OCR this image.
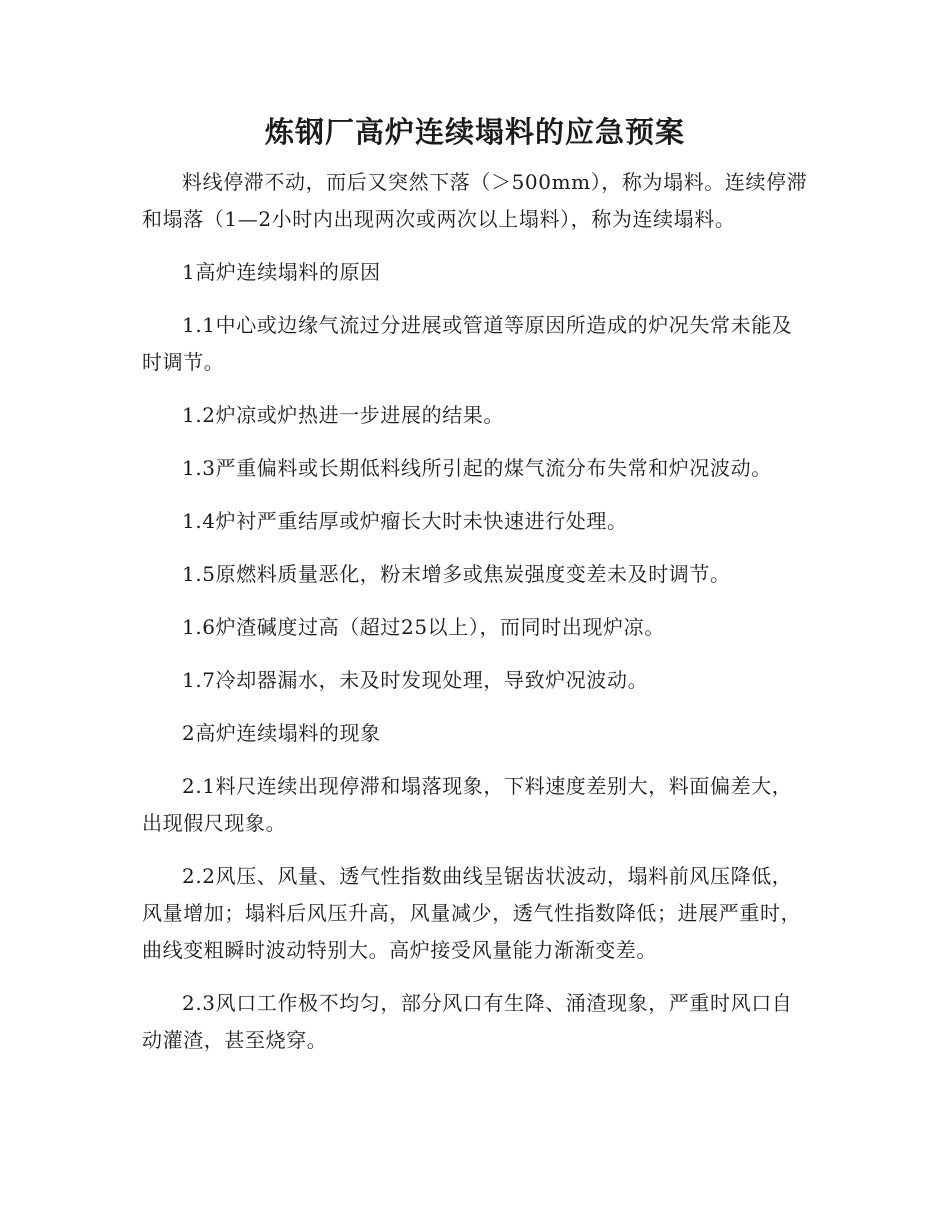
炼钢厂高炉连续塌料的应急预案

料线停滞不动，而后又突然下落（＞500mm），称为塌料。连续停滞和塌落（1—2小时内出现两次或两次以上塌料），称为连续塌料。

1高炉连续塌料的原因

1.1中心或边缘气流过分进展或管道等原因所造成的炉况失常未能及时调节。

1.2炉凉或炉热进一步进展的结果。

1.3严重偏料或长期低料线所引起的煤气流分布失常和炉况波动。

1.4炉衬严重结厚或炉瘤长大时未快速进行处理。

1.5原燃料质量恶化，粉末增多或焦炭强度变差未及时调节。

1.6炉渣碱度过高（超过25以上），而同时出现炉凉。

1.7冷却器漏水，未及时发现处理，导致炉况波动。

2高炉连续塌料的现象

2.1料尺连续出现停滞和塌落现象，下料速度差别大，料面偏差大，出现假尺现象。

2.2风压、风量、透气性指数曲线呈锯齿状波动，塌料前风压降低，风量增加；塌料后风压升高，风量减少，透气性指数降低；进展严重时，曲线变粗瞬时波动特别大。高炉接受风量能力渐渐变差。

2.3风口工作极不均匀，部分风口有生降、涌渣现象，严重时风口自动灌渣，甚至烧穿。
